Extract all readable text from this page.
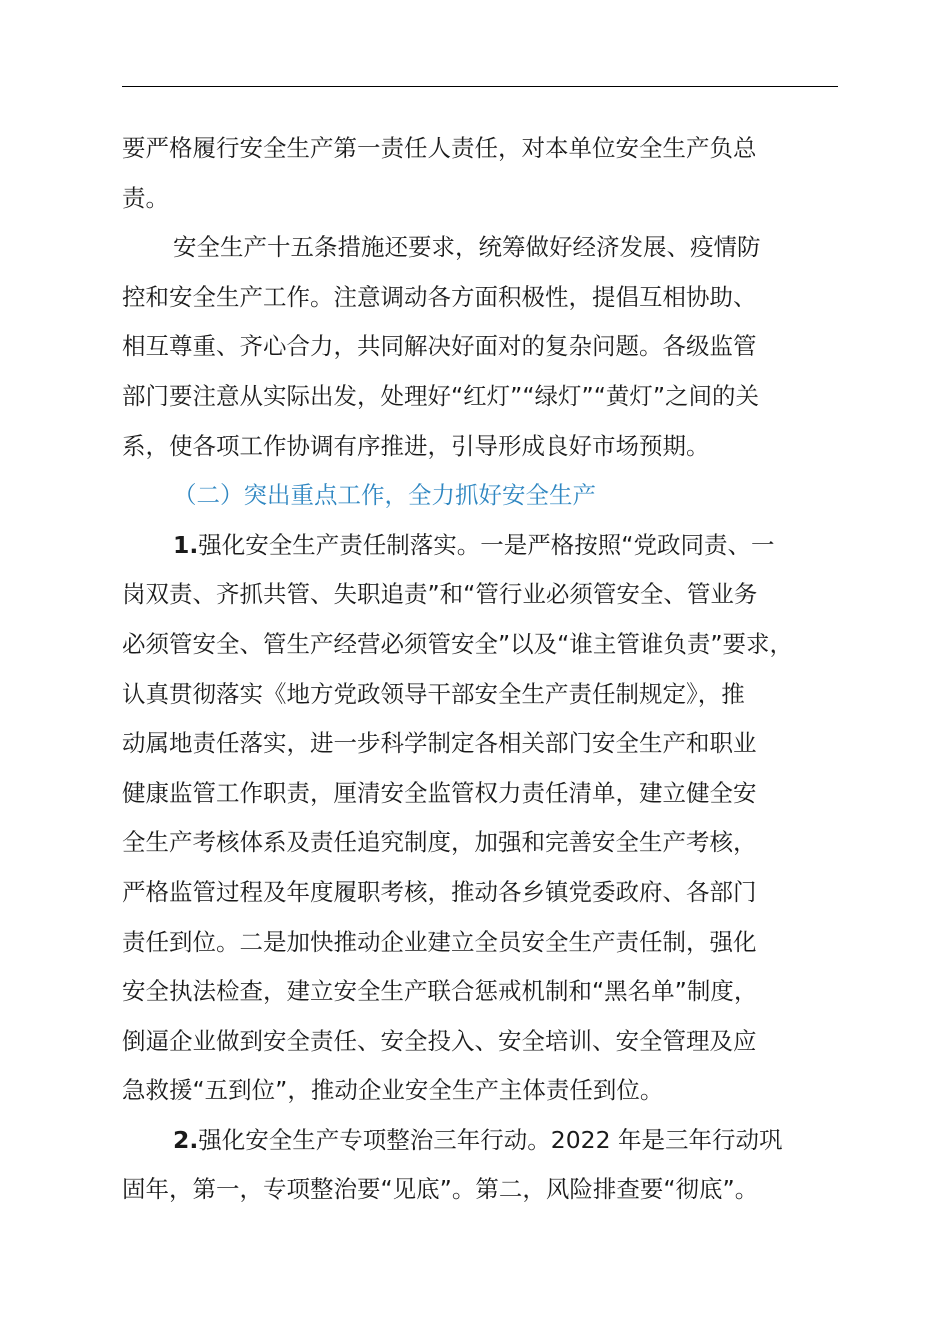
要严格履行安全生产第一责任人责任，对本单位安全生产负总
责。
安全生产十五条措施还要求，统筹做好经济发展、疫情防
控和安全生产工作。注意调动各方面积极性，提倡互相协助、
相互尊重、齐心合力，共同解决好面对的复杂问题。各级监管
部门要注意从实际出发，处理好“红灯”“绿灯”“黄灯”之间的关
系，使各项工作协调有序推进，引导形成良好市场预期。
（二）突出重点工作，全力抓好安全生产
1.强化安全生产责任制落实。一是严格按照“党政同责、一
岗双责、齐抓共管、失职追责”和“管行业必须管安全、管业务
必须管安全、管生产经营必须管安全”以及“谁主管谁负责”要求，
认真贯彻落实《地方党政领导干部安全生产责任制规定》，推
动属地责任落实，进一步科学制定各相关部门安全生产和职业
健康监管工作职责，厘清安全监管权力责任清单，建立健全安
全生产考核体系及责任追究制度，加强和完善安全生产考核，
严格监管过程及年度履职考核，推动各乡镇党委政府、各部门
责任到位。二是加快推动企业建立全员安全生产责任制，强化
安全执法检查，建立安全生产联合惩戒机制和“黑名单”制度，
倒逼企业做到安全责任、安全投入、安全培训、安全管理及应
急救援“五到位”，推动企业安全生产主体责任到位。
2.强化安全生产专项整治三年行动。2022 年是三年行动巩
固年，第一，专项整治要“见底”。第二，风险排查要“彻底”。
